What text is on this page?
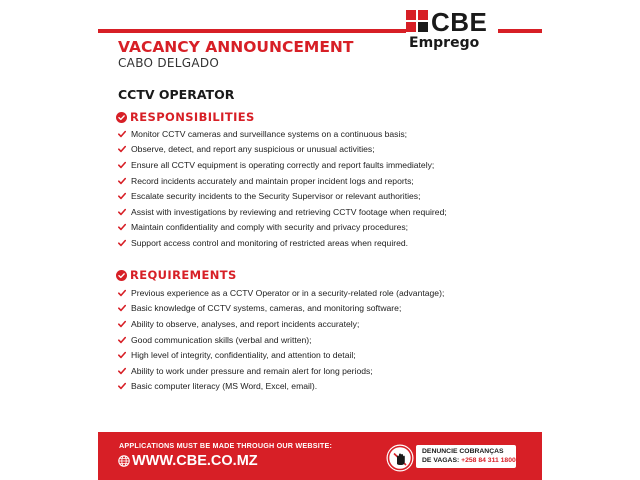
CBE
Emprego
VACANCY ANNOUNCEMENT
CABO DELGADO
CCTV OPERATOR
RESPONSIBILITIES
Monitor CCTV cameras and surveillance systems on a continuous basis;
Observe, detect, and report any suspicious or unusual activities;
Ensure all CCTV equipment is operating correctly and report faults immediately;
Record incidents accurately and maintain proper incident logs and reports;
Escalate security incidents to the Security Supervisor or relevant authorities;
Assist with investigations by reviewing and retrieving CCTV footage when required;
Maintain confidentiality and comply with security and privacy procedures;
Support access control and monitoring of restricted areas when required.
REQUIREMENTS
Previous experience as a CCTV Operator or in a security-related role (advantage);
Basic knowledge of CCTV systems, cameras, and monitoring software;
Ability to observe, analyses, and report incidents accurately;
Good communication skills (verbal and written);
High level of integrity, confidentiality, and attention to detail;
Ability to work under pressure and remain alert for long periods;
Basic computer literacy (MS Word, Excel, email).
APPLICATIONS MUST BE MADE THROUGH OUR WEBSITE:
WWW.CBE.CO.MZ
DENUNCIE COBRANÇAS
DE VAGAS: +258 84 311 1800
